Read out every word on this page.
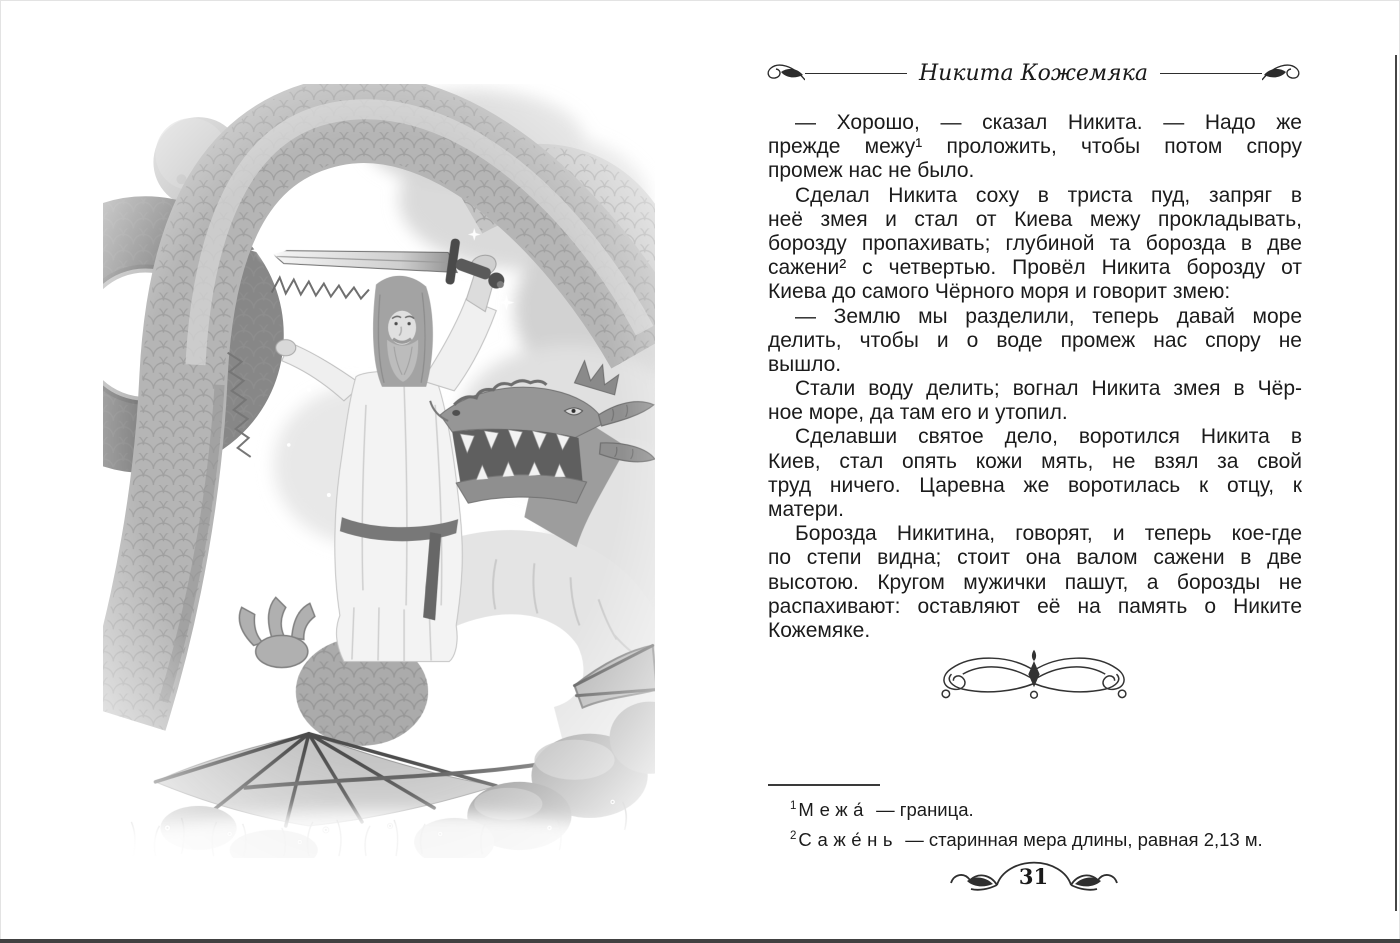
Никита Кожемяка

— Хорошо, — сказал Никита. — Надо же
прежде межу¹ проложить, чтобы потом спору
промеж нас не было.

Сделал Никита соху в триста пуд, запряг в
неё змея и стал от Киева межу прокладывать,
борозду пропахивать; глубиной та борозда в две
сажени² с четвертью. Провёл Никита борозду от
Киева до самого Чёрного моря и говорит змею:

— Землю мы разделили, теперь давай море
делить, чтобы и о воде промеж нас спору не
вышло.

Стали воду делить; вогнал Никита змея в Чёр-
ное море, да там его и утопил.

Сделавши святое дело, воротился Никита в
Киев, стал опять кожи мять, не взял за свой
труд ничего. Царевна же воротилась к отцу, к
матери.

Борозда Никитина, говорят, и теперь кое-где
по степи видна; стоит она валом сажени в две
высотою. Кругом мужички пашут, а борозды не
распахивают: оставляют её на память о Никите
Кожемяке.

$^1$ Межа́ — граница.
$^2$ Саже́нь — старинная мера длины, равная 2,13 м.
31
